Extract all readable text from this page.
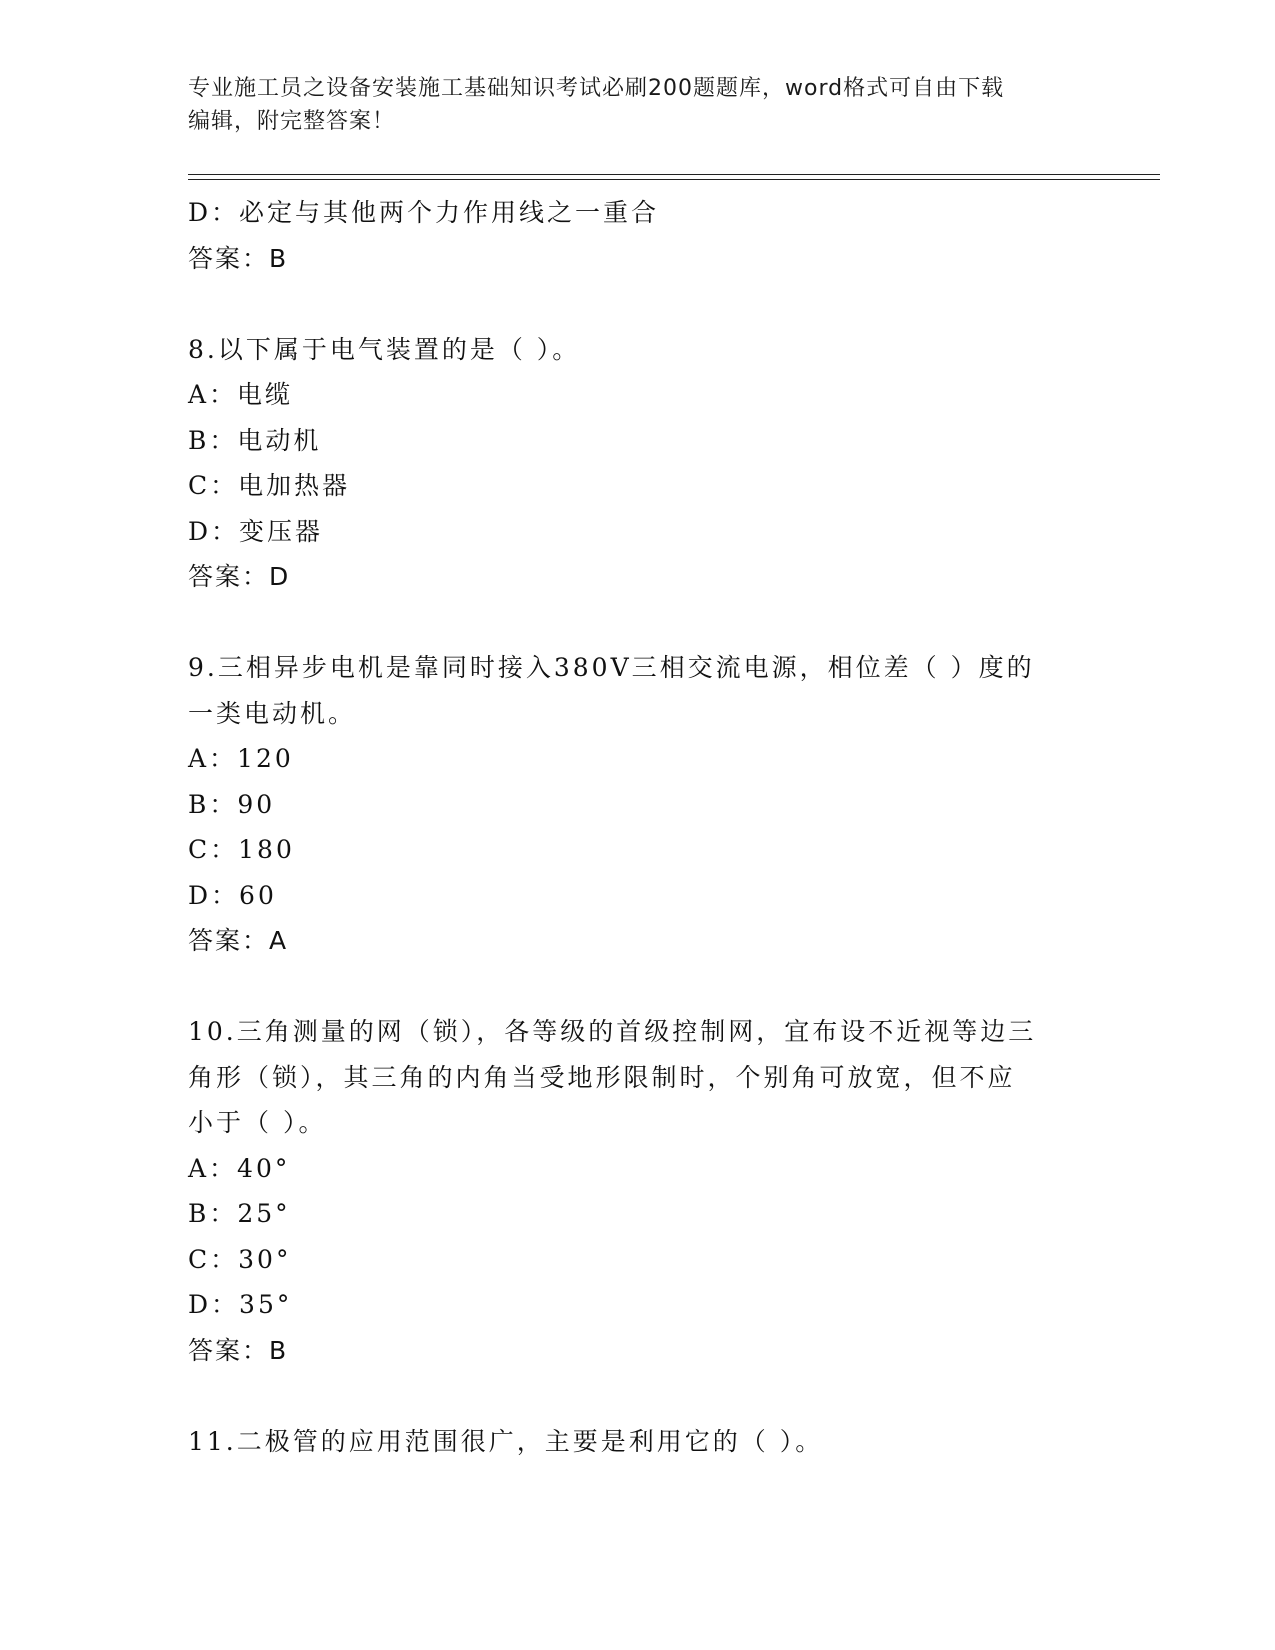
专业施工员之设备安装施工基础知识考试必刷200题题库，word格式可自由下载
编辑，附完整答案！
D：必定与其他两个力作用线之一重合
答案：B
8.以下属于电气装置的是（ ）。
A：电缆
B：电动机
C：电加热器
D：变压器
答案：D
9.三相异步电机是靠同时接入380V三相交流电源，相位差（ ）度的
一类电动机。
A：120
B：90
C：180
D：60
答案：A
10.三角测量的网（锁），各等级的首级控制网，宜布设不近视等边三
角形（锁），其三角的内角当受地形限制时，个别角可放宽，但不应
小于（ ）。
A：40°
B：25°
C：30°
D：35°
答案：B
11.二极管的应用范围很广，主要是利用它的（ ）。
